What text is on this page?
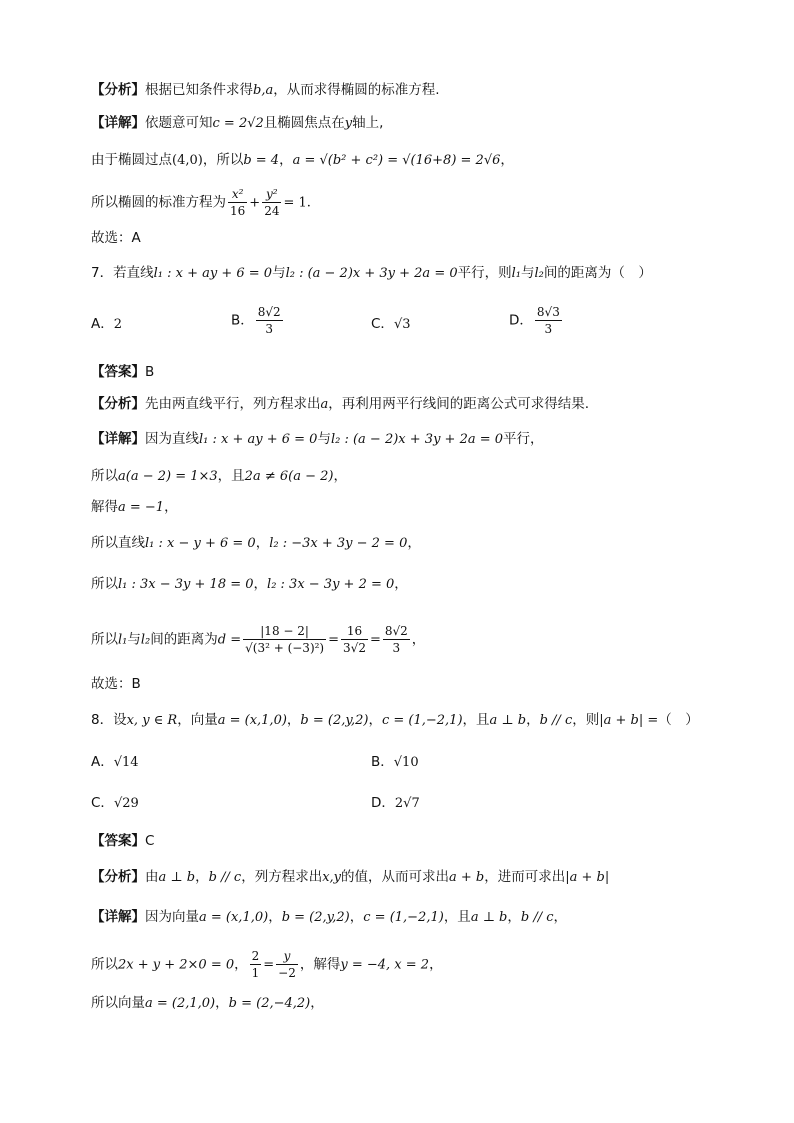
【分析】根据已知条件求得b,a，从而求得椭圆的标准方程.
【详解】依题意可知c = 2√2且椭圆焦点在y轴上,
由于椭圆过点(4,0)，所以b = 4，a = √(b² + c²) = √(16+8) = 2√6，
所以椭圆的标准方程为 $\frac{\text{x²}}{16} + \frac{\text{y²}}{24} = 1$.
故选：A
7．若直线l₁ : x + ay + 6 = 0与l₂ : (a − 2)x + 3y + 2a = 0平行，则l₁与l₂间的距离为（　）
A．2	B． $\frac{8√2}{3}$	C．√3	D． $\frac{8√3}{3}$
【答案】B
【分析】先由两直线平行，列方程求出a，再利用两平行线间的距离公式可求得结果.
【详解】因为直线l₁ : x + ay + 6 = 0与l₂ : (a − 2)x + 3y + 2a = 0平行，
所以a(a − 2) = 1×3，且2a ≠ 6(a − 2)，
解得a = −1，
所以直线l₁ : x − y + 6 = 0，l₂ : −3x + 3y − 2 = 0，
所以l₁ : 3x − 3y + 18 = 0，l₂ : 3x − 3y + 2 = 0，
所以l₁与l₂间的距离为$d = \frac{|18 - 2|}{\text{√(3² + (−3)²)}} = \frac{16}{3√2} = \frac{8√2}{3}$ ，
故选：B
8．设x, y ∈ R，向量a = (x,1,0)，b = (2,y,2)，c = (1,−2,1)，且a ⊥ b，b // c，则|a + b| =（　）
A．√14	B．√10
C．√29	D．2√7
【答案】C
【分析】由a ⊥ b，b // c，列方程求出x,y的值，从而可求出a + b，进而可求出|a + b|
【详解】因为向量a = (x,1,0)，b = (2,y,2)，c = (1,−2,1)，且a ⊥ b，b // c，
所以2x + y + 2×0 = 0， $\frac{2}{1} = \frac{y}{-2}$ ，解得y = −4, x = 2，
所以向量a = (2,1,0)，b = (2,−4,2)，
